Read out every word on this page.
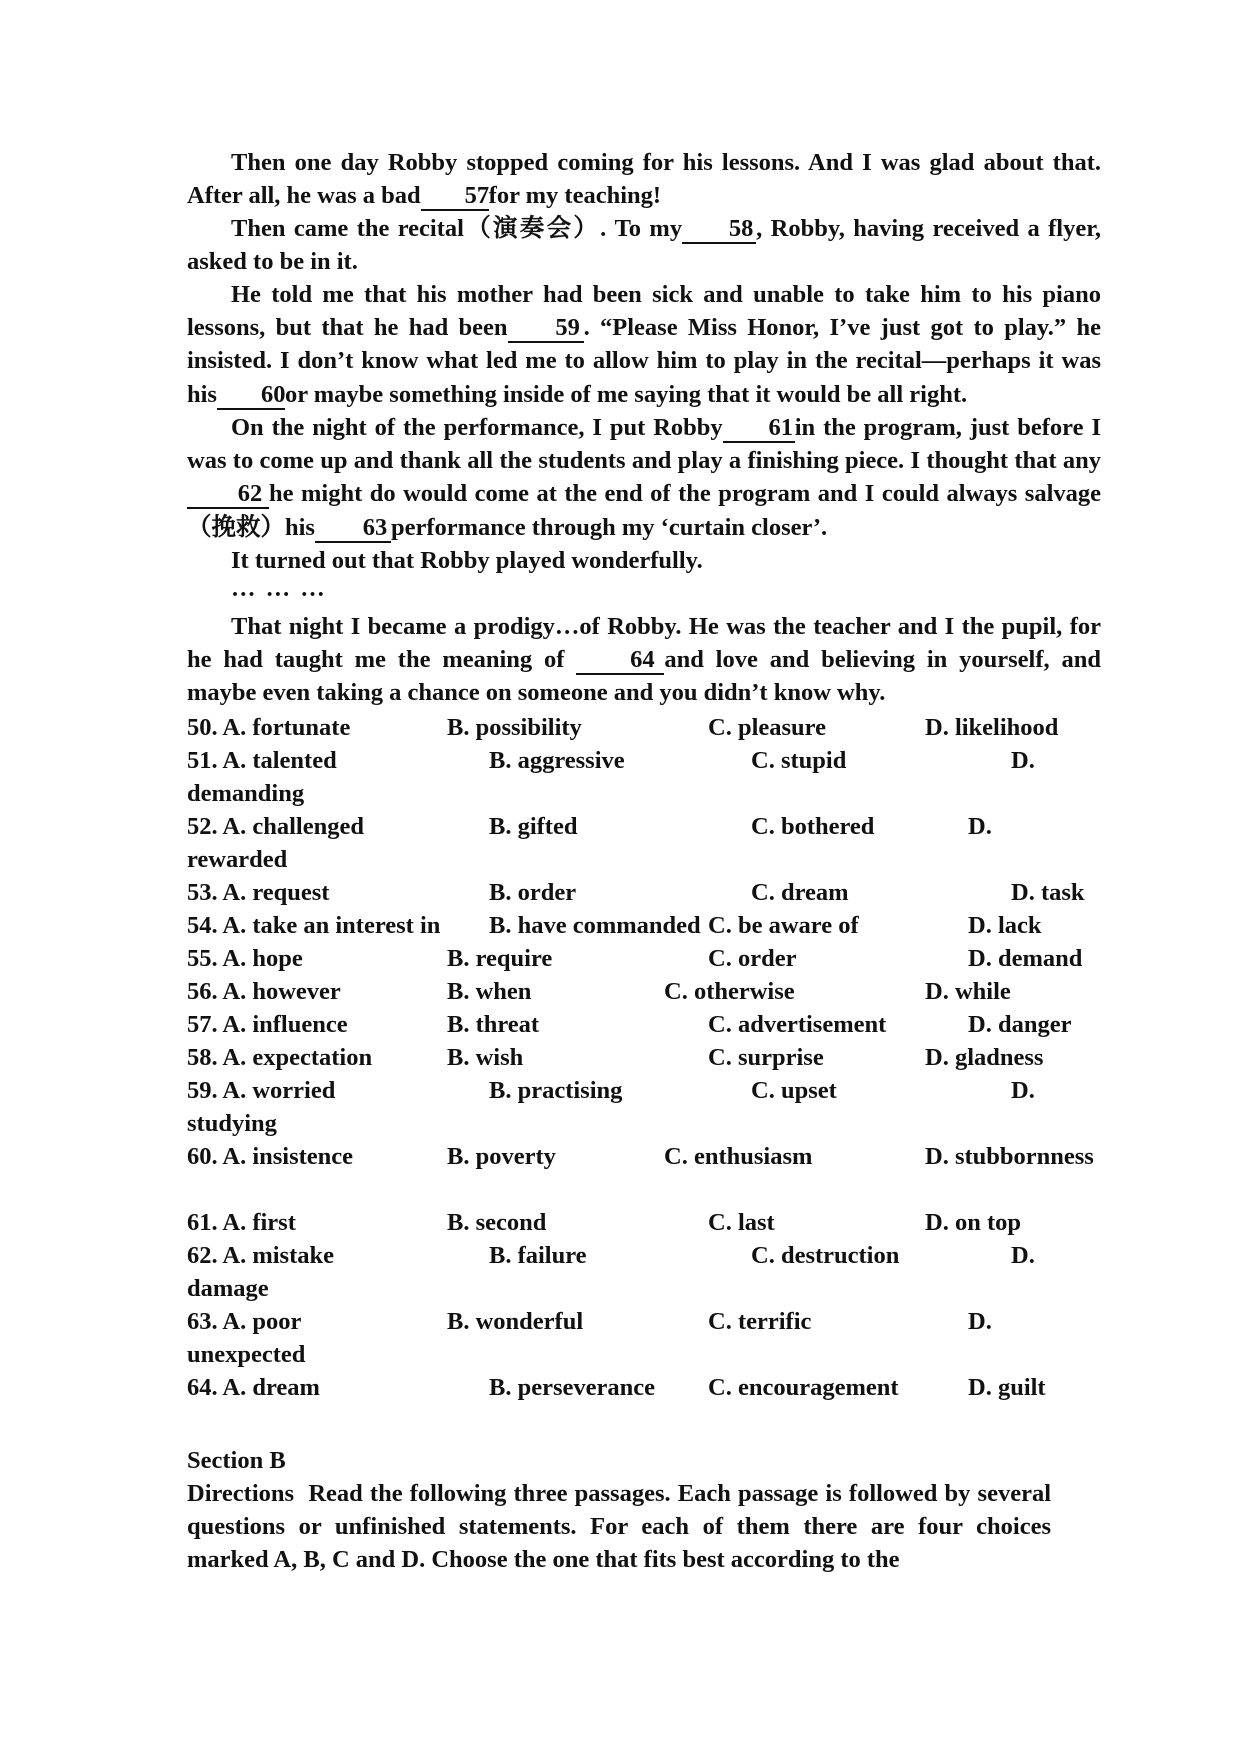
Then one day Robby stopped coming for his lessons. And I was glad about that. After all, he was a bad 57for my teaching!

Then came the recital（演奏会）. To my 58 , Robby, having received a flyer, asked to be in it.

He told me that his mother had been sick and unable to take him to his piano lessons, but that he had been 59 . “Please Miss Honor, I’ve just got to play.” he insisted. I don’t know what led me to allow him to play in the recital—perhaps it was his 60or maybe something inside of me saying that it would be all right.

On the night of the performance, I put Robby 61in the program, just before I was to come up and thank all the students and play a finishing piece. I thought that any62 he might do would come at the end of the program and I could always salvage（挽救）his 63 performance through my ‘curtain closer’.

It turned out that Robby played wonderfully.

… … …

That night I became a prodigy…of Robby. He was the teacher and I the pupil, for he had taught me the meaning of	64 and love and believing in yourself, and maybe even taking a chance on someone and you didn’t know why.

50. A. fortunate	B. possibility	C. pleasure	D. likelihood
51. A. talented	B. aggressive	C. stupid	D.
demanding
52. A. challenged	B. gifted	C. bothered	D.
rewarded
53. A. request	B. order	C. dream	D. task
54. A. take an interest in B. have commanded C. be aware of	D. lack
55. A. hope	B. require	C. order	D. demand
56. A. however	B. when	C. otherwise	D. while
57. A. influence	B. threat	C. advertisement	D. danger
58. A. expectation	B. wish	C. surprise	D. gladness
59. A. worried	B. practising	C. upset	D.
studying
60. A. insistence	B. poverty	C. enthusiasm	D. stubbornness
61. A. first	B. second	C. last	D. on top
62. A. mistake	B. failure	C. destruction	D.
damage
63. A. poor	B. wonderful	C. terrific	D.
unexpected
64. A. dream	B. perseverance C. encouragement	D. guilt
Section B

Directions Read the following three passages. Each passage is followed by several questions or unfinished statements. For each of them there are four choices marked A, B, C and D. Choose the one that fits best according to the
